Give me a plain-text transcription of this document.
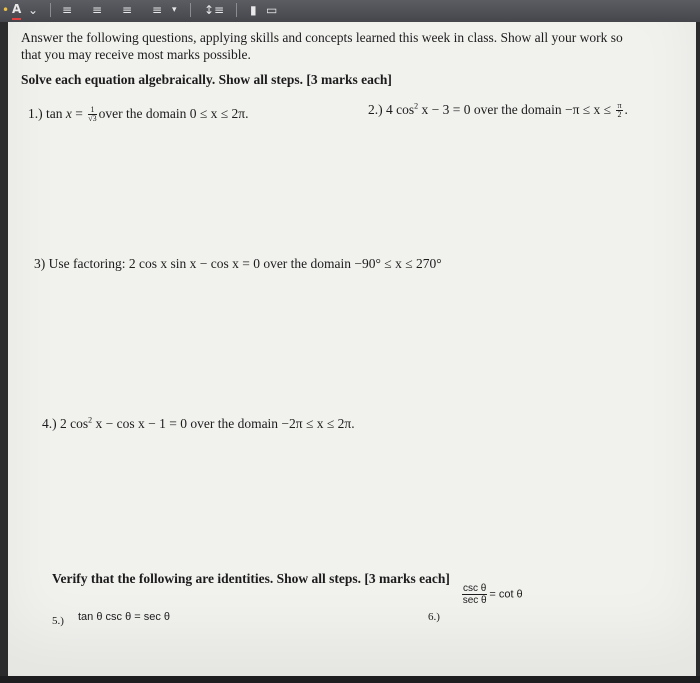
• A ⌄ ≡ ≡ ≡ ≡ ▾ ↕≡ ▮ ▭
Answer the following questions, applying skills and concepts learned this week in class. Show all your work so
that you may receive most marks possible.
Solve each equation algebraically. Show all steps. [3 marks each]
1.) $\tan x = \frac{1}{√3}$ over the domain 0 ≤ x ≤ 2π.	2.) 4 $\cos^2 x - 3 = 0$ over the domain $-\pi \le x \le \frac{\pi}{2}$ .
3) Use factoring: 2 cos x sin x − cos x = 0 over the domain −90° ≤ x ≤ 270°
4.) 2 $\cos^2 x - \cos x - 1 = 0$ over the domain −2π ≤ x ≤ 2π.
Verify that the following are identities. Show all steps. [3 marks each]
5.) tan θ csc θ = sec θ	6.)
$\frac{\text{csc θ}}{\text{sec θ}} = \cot \theta$
